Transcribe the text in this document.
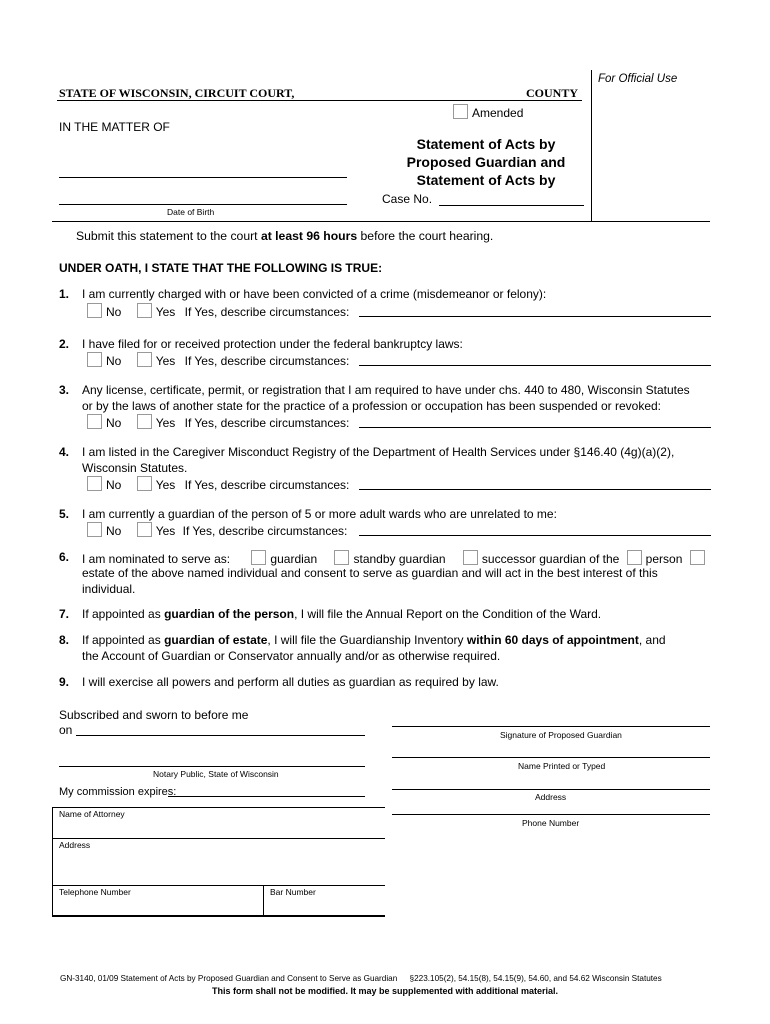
For Official Use
STATE OF WISCONSIN, CIRCUIT COURT,	COUNTY
Amended
IN THE MATTER OF
Date of Birth
Statement of Acts by
Proposed Guardian and
Statement of Acts by
Case No.
Submit this statement to the court at least 96 hours before the court hearing.
UNDER OATH, I STATE THAT THE FOLLOWING IS TRUE:
1. I am currently charged with or have been convicted of a crime (misdemeanor or felony):
No	Yes If Yes, describe circumstances:
2. I have filed for or received protection under the federal bankruptcy laws:
No	Yes If Yes, describe circumstances:
3. Any license, certificate, permit, or registration that I am required to have under chs. 440 to 480, Wisconsin Statutes
or by the laws of another state for the practice of a profession or occupation has been suspended or revoked:
No	Yes If Yes, describe circumstances:
4. I am listed in the Caregiver Misconduct Registry of the Department of Health Services under §146.40 (4g)(a)(2),
Wisconsin Statutes.
No	Yes If Yes, describe circumstances:
5. I am currently a guardian of the person of 5 or more adult wards who are unrelated to me:
No	Yes If Yes, describe circumstances:
6. I am nominated to serve as:	guardian	standby guardian	successor guardian of the person
estate of the above named individual and consent to serve as guardian and will act in the best interest of this
individual.
7. If appointed as guardian of the person, I will file the Annual Report on the Condition of the Ward.
8. If appointed as guardian of estate, I will file the Guardianship Inventory within 60 days of appointment, and
the Account of Guardian or Conservator annually and/or as otherwise required.
9. I will exercise all powers and perform all duties as guardian as required by law.
Subscribed and sworn to before me
on
Notary Public, State of Wisconsin
My commission expires:
Signature of Proposed Guardian
Name Printed or Typed
Address
Phone Number
Name of Attorney
Address
Telephone Number	Bar Number
GN-3140, 01/09 Statement of Acts by Proposed Guardian and Consent to Serve as Guardian §223.105(2), 54.15(8), 54.15(9), 54.60, and 54.62 Wisconsin Statutes
This form shall not be modified. It may be supplemented with additional material.
